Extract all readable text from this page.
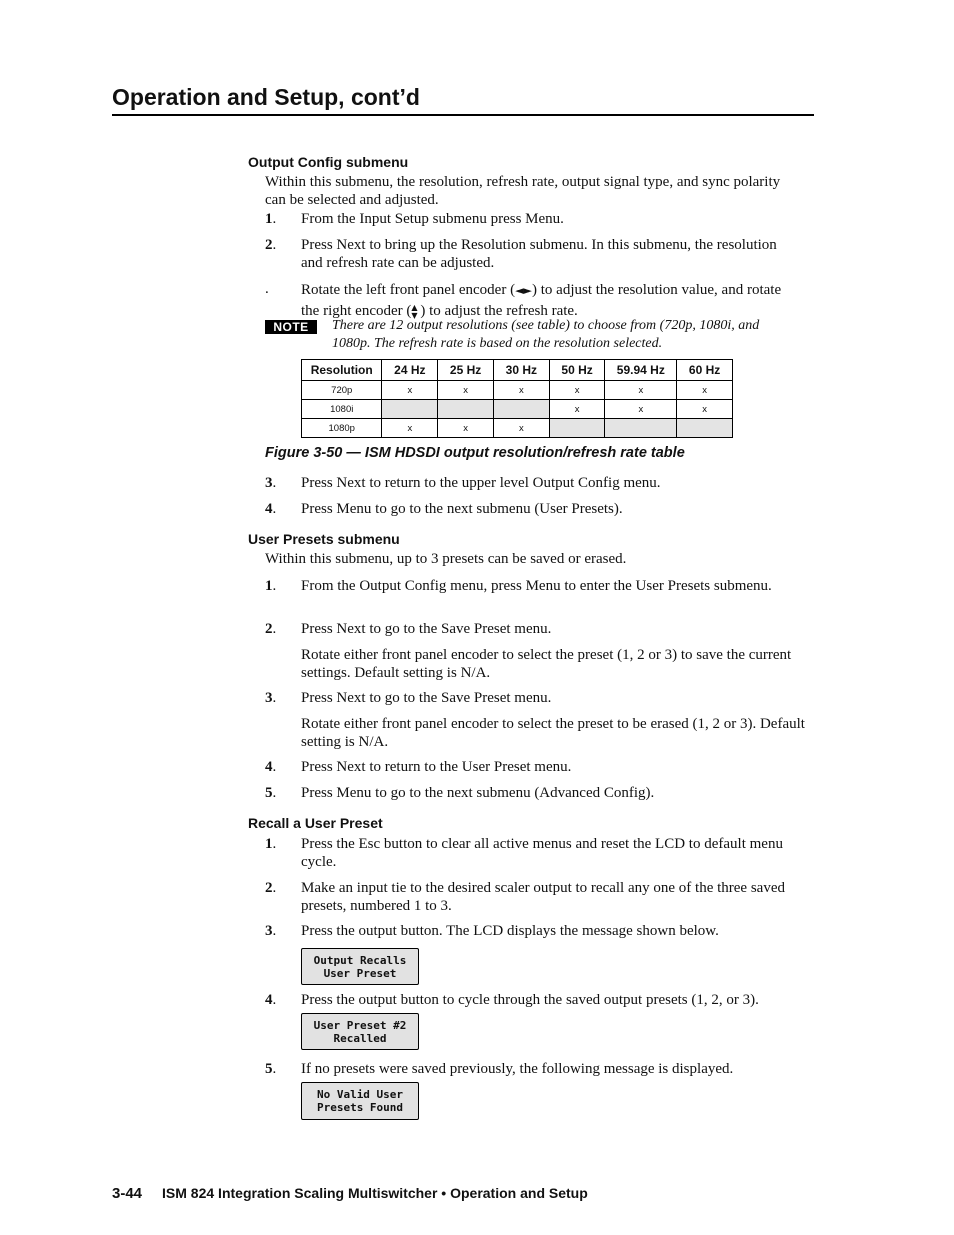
Operation and Setup, cont’d
Output Config submenu
Within this submenu, the resolution, refresh rate, output signal type, and sync polarity can be selected and adjusted.
1. From the Input Setup submenu press Menu.
2. Press Next to bring up the Resolution submenu. In this submenu, the resolution and refresh rate can be adjusted.
. Rotate the left front panel encoder (◄►) to adjust the resolution value, and rotate the right encoder (▲▼ ) to adjust the refresh rate.
NOTE	There are 12 output resolutions (see table) to choose from (720p, 1080i, and 1080p. The refresh rate is based on the resolution selected.
Resolution	24 Hz	25 Hz	30 Hz	50 Hz	59.94 Hz	60 Hz
720p	x	x	x	x	x	x
1080i				x	x	x
1080p	x	x	x			
Figure 3-50 — ISM HDSDI output resolution/refresh rate table
3. Press Next to return to the upper level Output Config menu.
4. Press Menu to go to the next submenu (User Presets).
User Presets submenu
Within this submenu, up to 3 presets can be saved or erased.
1. From the Output Config menu, press Menu to enter the User Presets submenu.
2. Press Next to go to the Save Preset menu.
Rotate either front panel encoder to select the preset (1, 2 or 3) to save the current settings. Default setting is N/A.
3. Press Next to go to the Save Preset menu.
Rotate either front panel encoder to select the preset to be erased (1, 2 or 3). Default setting is N/A.
4. Press Next to return to the User Preset menu.
5. Press Menu to go to the next submenu (Advanced Config).
Recall a User Preset
1. Press the Esc button to clear all active menus and reset the LCD to default menu cycle.
2. Make an input tie to the desired scaler output to recall any one of the three saved presets, numbered 1 to 3.
3. Press the output button. The LCD displays the message shown below.
Output Recalls
User Preset
4. Press the output button to cycle through the saved output presets (1, 2, or 3).
User Preset #2
Recalled
5. If no presets were saved previously, the following message is displayed.
No Valid User
Presets Found
3-44 ISM 824 Integration Scaling Multiswitcher • Operation and Setup
